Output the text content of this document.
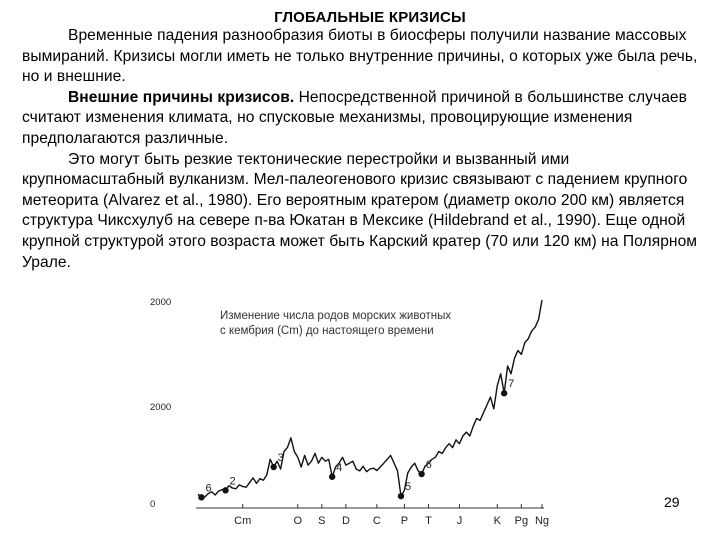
ГЛОБАЛЬНЫЕ КРИЗИСЫ

Временные падения разнообразия биоты в биосферы получили название массовых вымираний. Кризисы могли иметь не только внутренние причины, о которых уже была речь, но и внешние.

Внешние причины кризисов. Непосредственной причиной в большинстве случаев считают изменения климата, но спусковые механизмы, провоцирующие изменения предполагаются различные.

Это могут быть резкие тектонические перестройки и вызванный ими крупномасштабный вулканизм. Мел-палеогенового кризис связывают с падением крупного метеорита (Alvarez et al., 1980). Его вероятным кратером (диаметр около 200 км) является структура Чиксхулуб на севере п-ва Юкатан в Мексике (Hildebrand et al., 1990). Еще одной крупной структурой этого возраста может быть Карский кратер (70 или 120 км) на Полярном Урале.

Изменение числа родов морских животных
с кембрия (Cm) до настоящего времени
2000
2000
0
Cm	O S D C P T J	K Pg Ng
6
2
3
4
5
6
7
29
